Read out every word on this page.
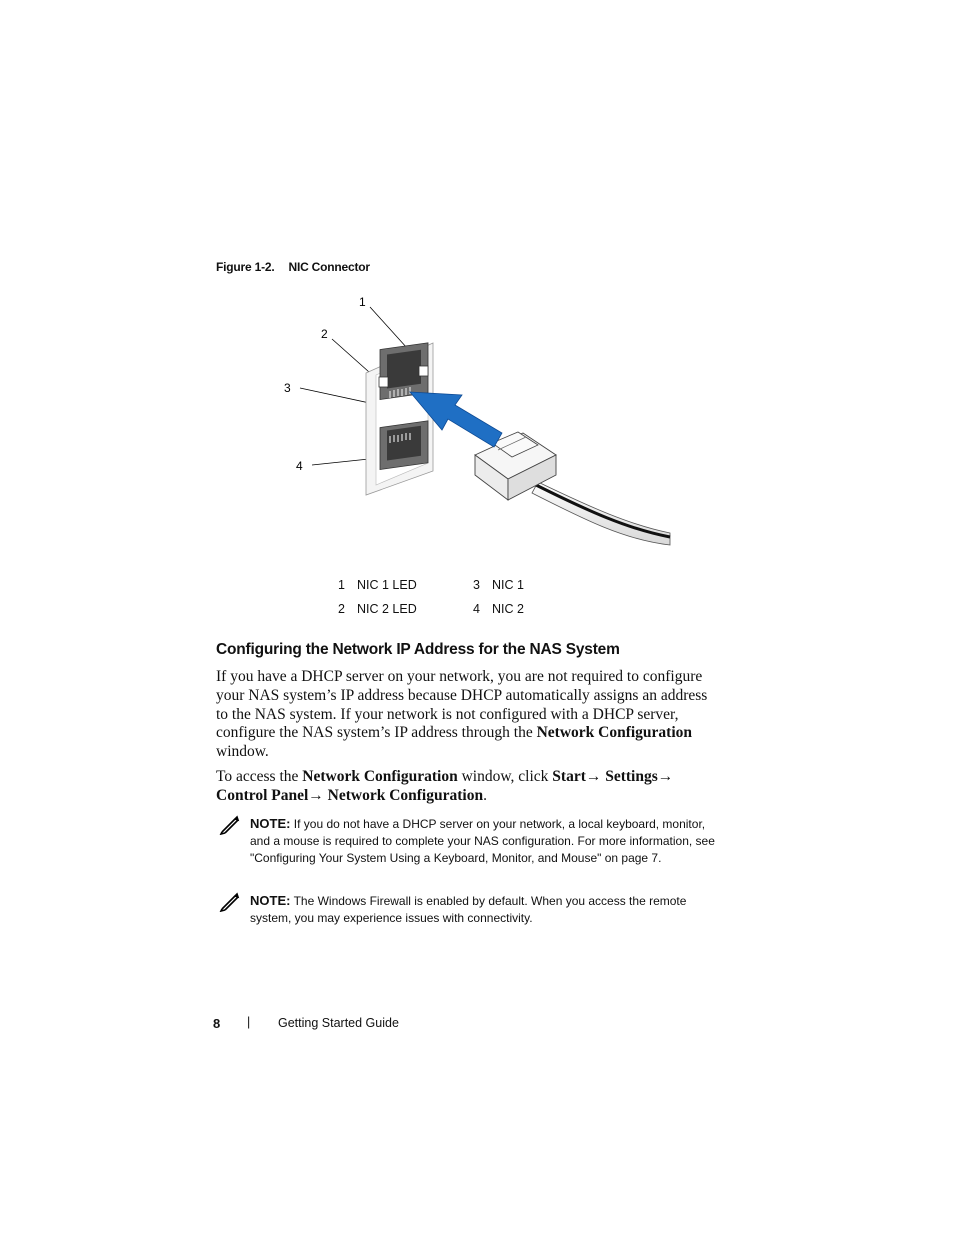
Figure 1-2. NIC Connector
1
2
3
4
1 NIC 1 LED	3 NIC 1
2 NIC 2 LED	4 NIC 2
Configuring the Network IP Address for the NAS System
If you have a DHCP server on your network, you are not required to configure your NAS system’s IP address because DHCP automatically assigns an address to the NAS system. If your network is not configured with a DHCP server, configure the NAS system’s IP address through the Network Configuration window.
To access the Network Configuration window, click Start→ Settings→ Control Panel→ Network Configuration.
NOTE: If you do not have a DHCP server on your network, a local keyboard, monitor, and a mouse is required to complete your NAS configuration. For more information, see "Configuring Your System Using a Keyboard, Monitor, and Mouse" on page 7.
NOTE: The Windows Firewall is enabled by default. When you access the remote system, you may experience issues with connectivity.
8 | Getting Started Guide
